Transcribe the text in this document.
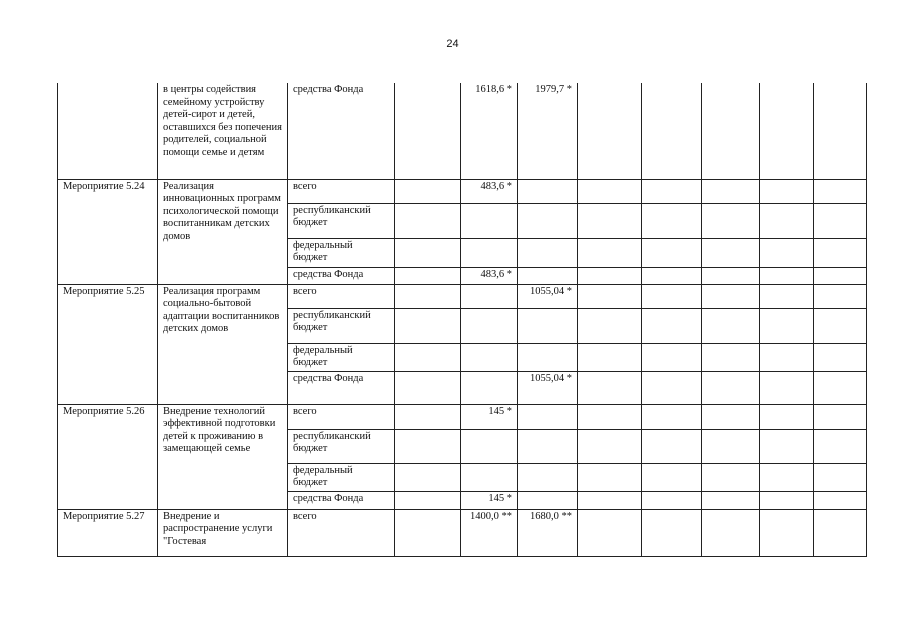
24
	в центры содействия семейному устройству детей-сирот и детей, оставшихся без попечения родителей, социальной помощи семье и детям	средства Фонда		1618,6 *	1979,7 *					
Мероприятие 5.24	Реализация инновационных программ психологической помощи воспитанникам детских домов	всего		483,6 *						
		республиканский бюджет								
		федеральный бюджет								
		средства Фонда		483,6 *						
Мероприятие 5.25	Реализация программ социально-бытовой адаптации воспитанников детских домов	всего			1055,04 *					
		республиканский бюджет								
		федеральный бюджет								
		средства Фонда			1055,04 *					
Мероприятие 5.26	Внедрение технологий эффективной подготовки детей к проживанию в замещающей семье	всего		145 *						
		республиканский бюджет								
		федеральный бюджет								
		средства Фонда		145 *						
Мероприятие 5.27	Внедрение и распространение услуги "Гостевая	всего		1400,0 **	1680,0 **					
